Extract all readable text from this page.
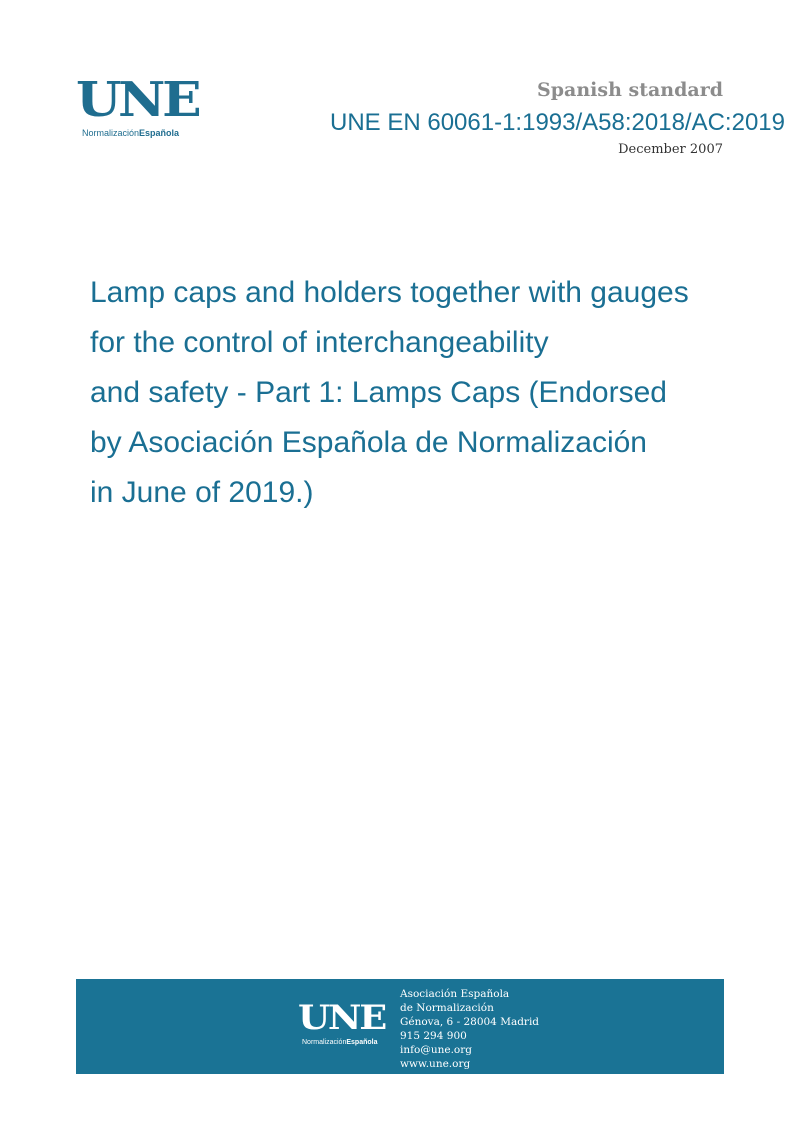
UNE
NormalizaciónEspañola
Spanish standard
December 2007
UNE EN 60061-1:1993/A58:2018/AC:2019
Lamp caps and holders together with gauges
for the control of interchangeability
and safety - Part 1: Lamps Caps (Endorsed
by Asociación Española de Normalización
in June of 2019.)
UNE
NormalizaciónEspañola
Asociación Española
de Normalización
Génova, 6 - 28004 Madrid
915 294 900
info@une.org
www.une.org
